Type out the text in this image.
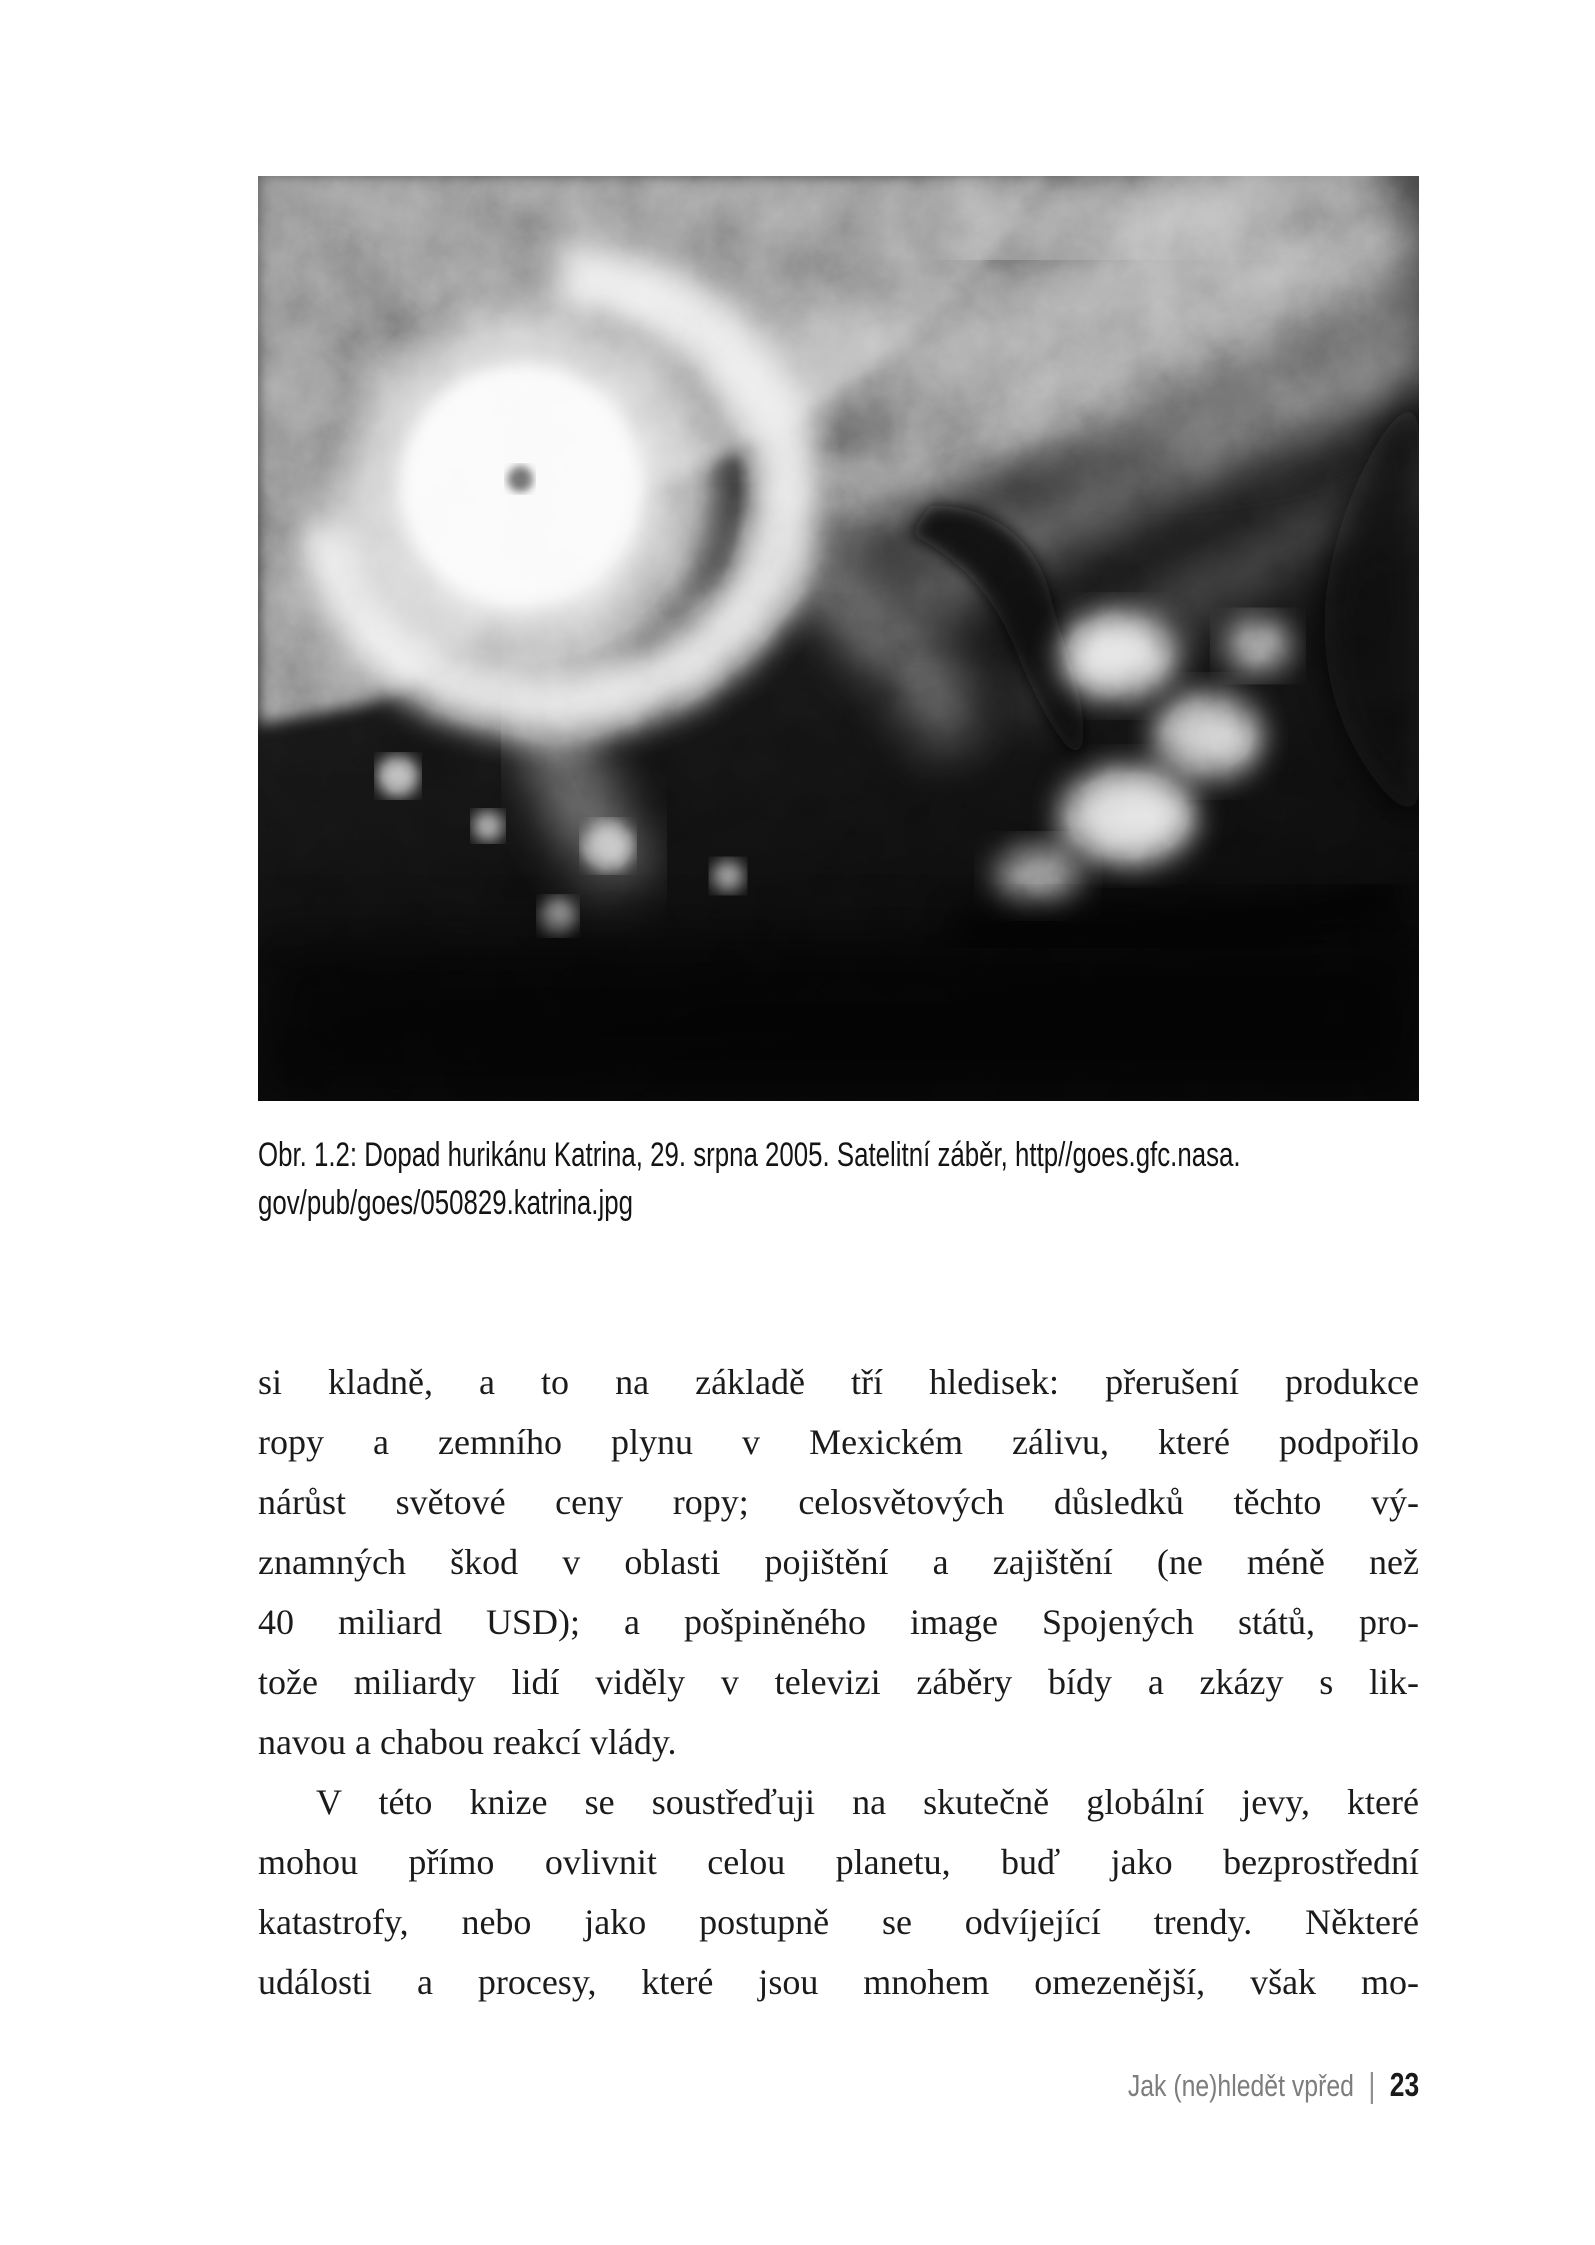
Obr. 1.2: Dopad hurikánu Katrina, 29. srpna 2005. Satelitní záběr, http//goes.gfc.nasa.
gov/pub/goes/050829.katrina.jpg
si kladně, a to na základě tří hledisek: přerušení produkce
ropy a zemního plynu v Mexickém zálivu, které podpořilo
nárůst světové ceny ropy; celosvětových důsledků těchto vý-
znamných škod v oblasti pojištění a zajištění (ne méně než
40 miliard USD); a pošpiněného image Spojených států, pro-
tože miliardy lidí viděly v televizi záběry bídy a zkázy s lik-
navou a chabou reakcí vlády.
V této knize se soustřeďuji na skutečně globální jevy, které
mohou přímo ovlivnit celou planetu, buď jako bezprostřední
katastrofy, nebo jako postupně se odvíjející trendy. Některé
události a procesy, které jsou mnohem omezenější, však mo-
Jak (ne)hledět vpřed | 23
